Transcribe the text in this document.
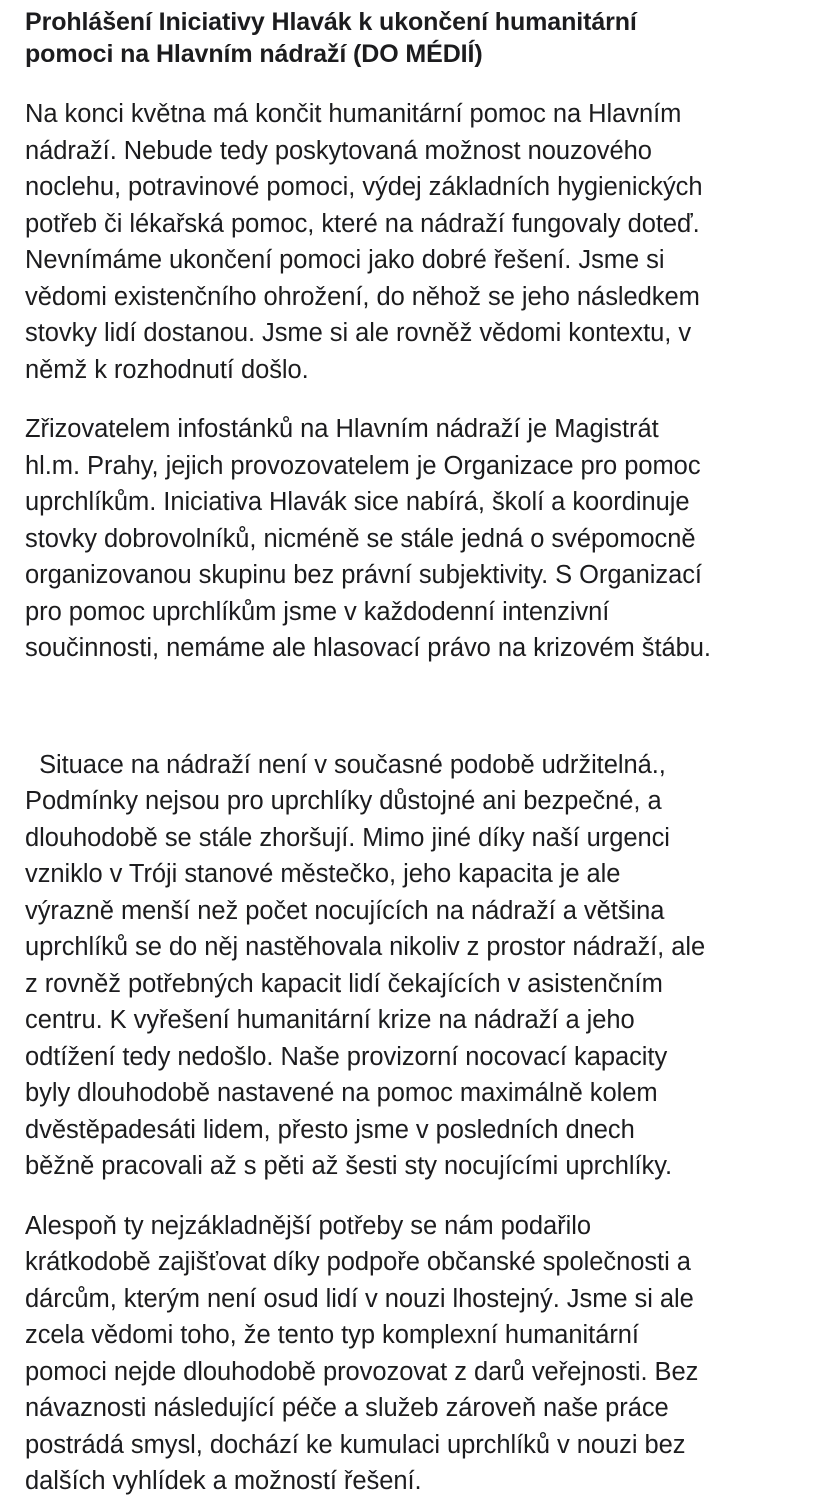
Prohlášení Iniciativy Hlavák k ukončení humanitární
pomoci na Hlavním nádraží (DO MÉDIÍ)

Na konci května má končit humanitární pomoc na Hlavním
nádraží. Nebude tedy poskytovaná možnost nouzového
noclehu, potravinové pomoci, výdej základních hygienických
potřeb či lékařská pomoc, které na nádraží fungovaly doteď.
Nevnímáme ukončení pomoci jako dobré řešení. Jsme si
vědomi existenčního ohrožení, do něhož se jeho následkem
stovky lidí dostanou. Jsme si ale rovněž vědomi kontextu, v
němž k rozhodnutí došlo.

Zřizovatelem infostánků na Hlavním nádraží je Magistrát
hl.m. Prahy, jejich provozovatelem je Organizace pro pomoc
uprchlíkům. Iniciativa Hlavák sice nabírá, školí a koordinuje
stovky dobrovolníků, nicméně se stále jedná o svépomocně
organizovanou skupinu bez právní subjektivity. S Organizací
pro pomoc uprchlíkům jsme v každodenní intenzivní
součinnosti, nemáme ale hlasovací právo na krizovém štábu.

Situace na nádraží není v současné podobě udržitelná.,
Podmínky nejsou pro uprchlíky důstojné ani bezpečné, a
dlouhodobě se stále zhoršují. Mimo jiné díky naší urgenci
vzniklo v Tróji stanové městečko, jeho kapacita je ale
výrazně menší než počet nocujících na nádraží a většina
uprchlíků se do něj nastěhovala nikoliv z prostor nádraží, ale
z rovněž potřebných kapacit lidí čekajících v asistenčním
centru. K vyřešení humanitární krize na nádraží a jeho
odtížení tedy nedošlo. Naše provizorní nocovací kapacity
byly dlouhodobě nastavené na pomoc maximálně kolem
dvěstěpadesáti lidem, přesto jsme v posledních dnech
běžně pracovali až s pěti až šesti sty nocujícími uprchlíky.

Alespoň ty nejzákladnější potřeby se nám podařilo
krátkodobě zajišťovat díky podpoře občanské společnosti a
dárcům, kterým není osud lidí v nouzi lhostejný. Jsme si ale
zcela vědomi toho, že tento typ komplexní humanitární
pomoci nejde dlouhodobě provozovat z darů veřejnosti. Bez
návaznosti následující péče a služeb zároveň naše práce
postrádá smysl, dochází ke kumulaci uprchlíků v nouzi bez
dalších vyhlídek a možností řešení.
